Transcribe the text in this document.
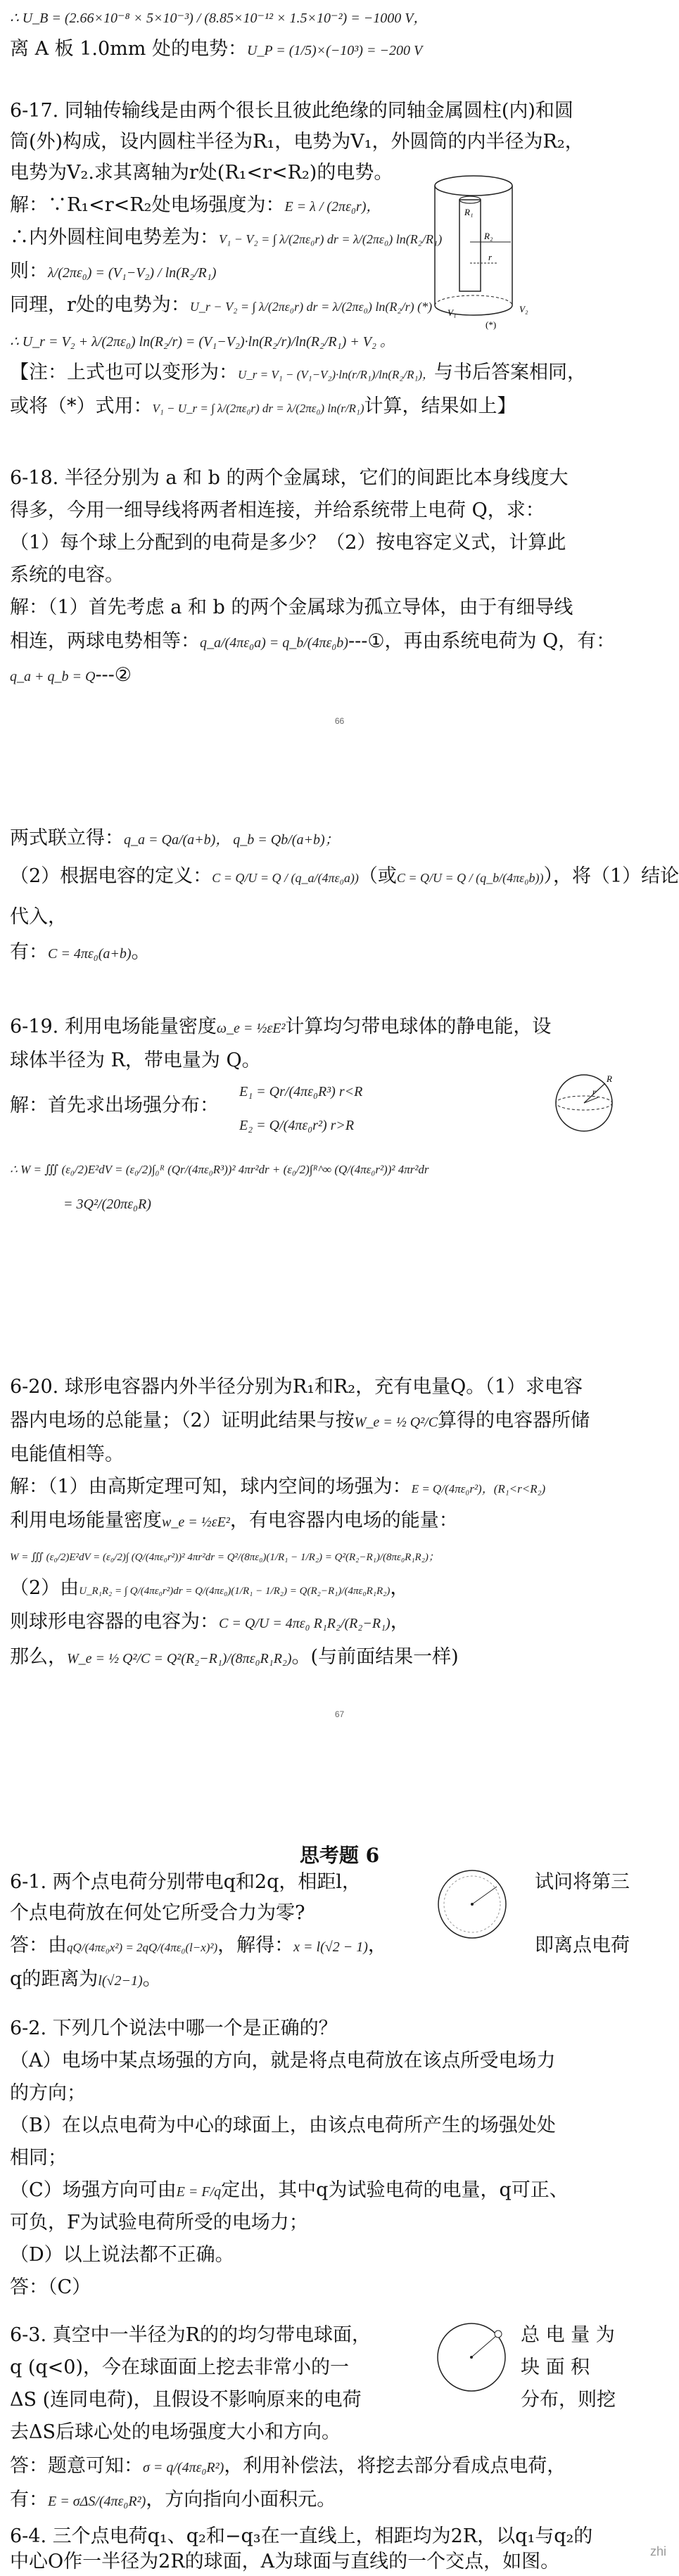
∴ U_B = (2.66×10⁻⁸ × 5×10⁻³) / (8.85×10⁻¹² × 1.5×10⁻²) = −1000 V，
离 A 板 1.0mm 处的电势：U_P = (1/5)×(−10³) = −200 V
6-17. 同轴传输线是由两个很长且彼此绝缘的同轴金属圆柱(内)和圆
筒(外)构成，设内圆柱半径为R₁，电势为V₁，外圆筒的内半径为R₂，
电势为V₂.求其离轴为r处(R₁<r<R₂)的电势。
解：∵R₁<r<R₂处电场强度为：E = λ / (2πε₀r)，
∴内外圆柱间电势差为：V₁ − V₂ = ∫ λ/(2πε₀r) dr = λ/(2πε₀) ln(R₂/R₁)
则：λ/(2πε₀) = (V₁−V₂) / ln(R₂/R₁)
同理，r处的电势为：U_r − V₂ = ∫ λ/(2πε₀r) dr = λ/(2πε₀) ln(R₂/r) (*)
∴ U_r = V₂ + λ/(2πε₀) ln(R₂/r) = (V₁−V₂)·ln(R₂/r)/ln(R₂/R₁) + V₂ 。
【注：上式也可以变形为：U_r = V₁ − (V₁−V₂)·ln(r/R₁)/ln(R₂/R₁)，与书后答案相同，
或将（*）式用：V₁ − U_r = ∫ λ/(2πε₀r) dr = λ/(2πε₀) ln(r/R₁)计算，结果如上】
R₂
R₁
r
V₁	V₂
(*)
6-18. 半径分别为 a 和 b 的两个金属球，它们的间距比本身线度大
得多，今用一细导线将两者相连接，并给系统带上电荷 Q，求：
（1）每个球上分配到的电荷是多少？（2）按电容定义式，计算此
系统的电容。
解：（1）首先考虑 a 和 b 的两个金属球为孤立导体，由于有细导线
相连，两球电势相等：q_a/(4πε₀a) = q_b/(4πε₀b)---①，再由系统电荷为 Q，有：
q_a + q_b = Q---②
66
两式联立得：q_a = Qa/(a+b)， q_b = Qb/(a+b)；
（2）根据电容的定义：C = Q/U = Q / (q_a/(4πε₀a))（或C = Q/U = Q / (q_b/(4πε₀b))），将（1）结论
代入，
有：C = 4πε₀(a+b)。
6-19. 利用电场能量密度ω_e = ½εE²计算均匀带电球体的静电能，设
球体半径为 R，带电量为 Q。
解：首先求出场强分布：
E₁ = Qr/(4πε₀R³) r<R
E₂ = Q/(4πε₀r²) r>R
∴ W = ∭ (ε₀/2)E²dV = (ε₀/2)∫₀ᴿ (Qr/(4πε₀R³))² 4πr²dr + (ε₀/2)∫ᴿ^∞ (Q/(4πε₀r²))² 4πr²dr
= 3Q²/(20πε₀R)
R
r
6-20. 球形电容器内外半径分别为R₁和R₂，充有电量Q。（1）求电容
器内电场的总能量；（2）证明此结果与按W_e = ½ Q²/C算得的电容器所储
电能值相等。
解：（1）由高斯定理可知，球内空间的场强为：E = Q/(4πε₀r²)，(R₁<r<R₂)
利用电场能量密度w_e = ½εE²，有电容器内电场的能量：
W = ∭ (ε₀/2)E²dV = (ε₀/2)∫ (Q/(4πε₀r²))² 4πr²dr = Q²/(8πε₀)(1/R₁ − 1/R₂) = Q²(R₂−R₁)/(8πε₀R₁R₂)；
（2）由U_R₁R₂ = ∫ Q/(4πε₀r²)dr = Q/(4πε₀)(1/R₁ − 1/R₂) = Q(R₂−R₁)/(4πε₀R₁R₂)，
则球形电容器的电容为：C = Q/U = 4πε₀ R₁R₂/(R₂−R₁)，
那么，W_e = ½ Q²/C = Q²(R₂−R₁)/(8πε₀R₁R₂)。(与前面结果一样)
67
思考题 6
6-1. 两个点电荷分别带电q和2q，相距l，	试问将第三
个点电荷放在何处它所受合力为零?
答：由qQ/(4πε₀x²) = 2qQ/(4πε₀(l−x)²)，解得：x = l(√2 − 1)，	即离点电荷
q的距离为l(√2−1)。
6-2. 下列几个说法中哪一个是正确的？
（A）电场中某点场强的方向，就是将点电荷放在该点所受电场力
的方向；
（B）在以点电荷为中心的球面上，由该点电荷所产生的场强处处
相同；
（C）场强方向可由E = F/q定出，其中q为试验电荷的电量，q可正、
可负，F为试验电荷所受的电场力；
（D）以上说法都不正确。
答：（C）
6-3. 真空中一半径为R的的均匀带电球面，	总 电 量 为
q (q<0)，今在球面面上挖去非常小的一	块 面 积
ΔS (连同电荷)，且假设不影响原来的电荷	分布，则挖
去ΔS后球心处的电场强度大小和方向。
答：题意可知：σ = q/(4πε₀R²)，利用补偿法，将挖去部分看成点电荷，
有：E = σΔS/(4πε₀R²)，方向指向小面积元。
6-4. 三个点电荷q₁、q₂和−q₃在一直线上，相距均为2R，以q₁与q₂的
中心O作一半径为2R的球面，A为球面与直线的一个交点，如图。	zhi
